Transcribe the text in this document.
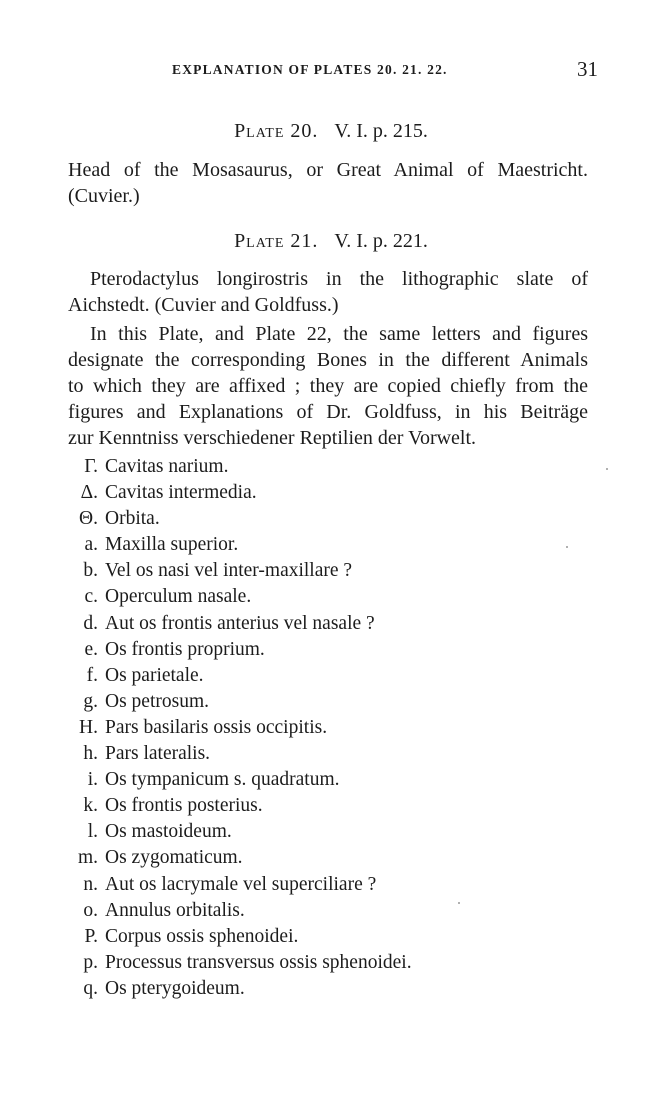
EXPLANATION OF PLATES 20. 21. 22.	31
Plate 20. V. I. p. 215.

Head of the Mosasaurus, or Great Animal of Maestricht.
(Cuvier.)

Plate 21. V. I. p. 221.

Pterodactylus longirostris in the lithographic slate of
Aichstedt. (Cuvier and Goldfuss.)

In this Plate, and Plate 22, the same letters and figures
designate the corresponding Bones in the different Animals
to which they are affixed ; they are copied chiefly from the
figures and Explanations of Dr. Goldfuss, in his Beiträge
zur Kenntniss verschiedener Reptilien der Vorwelt.

Γ. Cavitas narium.
Δ. Cavitas intermedia.
Θ. Orbita.
a. Maxilla superior.
b. Vel os nasi vel inter-maxillare ?
c. Operculum nasale.
d. Aut os frontis anterius vel nasale ?
e. Os frontis proprium.
f. Os parietale.
g. Os petrosum.
H. Pars basilaris ossis occipitis.
h. Pars lateralis.
i. Os tympanicum s. quadratum.
k. Os frontis posterius.
l. Os mastoideum.
m. Os zygomaticum.
n. Aut os lacrymale vel superciliare ?
o. Annulus orbitalis.
P. Corpus ossis sphenoidei.
p. Processus transversus ossis sphenoidei.
q. Os pterygoideum.
